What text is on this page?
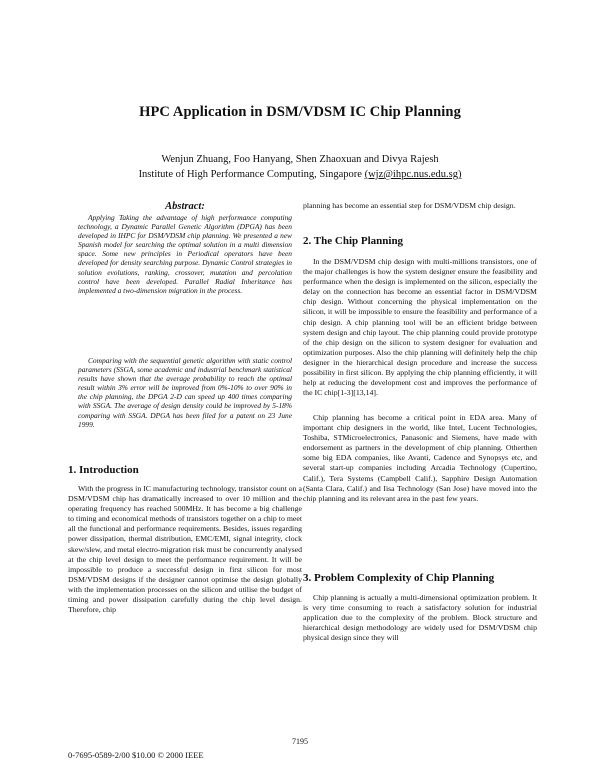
HPC Application in DSM/VDSM IC Chip Planning
Wenjun Zhuang, Foo Hanyang, Shen Zhaoxuan and Divya Rajesh
Institute of High Performance Computing, Singapore (wjz@ihpc.nus.edu.sg)
Abstract:
Applying Taking the advantage of high performance computing technology, a Dynamic Parallel Genetic Algorithm (DPGA) has been developed in IHPC for DSM/VDSM chip planning. We presented a new Spanish model for searching the optimal solution in a multi dimension space. Some new principles in Periodical operators have been developed for density searching purpose. Dynamic Control strategies in solution evolutions, ranking, crossover, mutation and percolation control have been developed. Parallel Radial Inheritance has implemented a two-dimension migration in the process.
Comparing with the sequential genetic algorithm with static control parameters (SSGA, some academic and industrial benchmark statistical results have shown that the average probability to reach the optimal result within 3% error will be improved from 0%-10% to over 90% in the chip planning, the DPGA 2-D can speed up 400 times comparing with SSGA. The average of design density could be improved by 5-18% comparing with SSGA. DPGA has been filed for a patent on 23 June 1999.
1. Introduction
With the progress in IC manufacturing technology, transistor count on a DSM/VDSM chip has dramatically increased to over 10 million and the operating frequency has reached 500MHz. It has become a big challenge to timing and economical methods of transistors together on a chip to meet all the functional and performance requirements. Besides, issues regarding power dissipation, thermal distribution, EMC/EMI, signal integrity, clock skew/slew, and metal electro-migration risk must be concurrently analysed at the chip level design to meet the performance requirement. It will be impossible to produce a successful design in first silicon for most DSM/VDSM designs if the designer cannot optimise the design globally with the implementation processes on the silicon and utilise the budget of timing and power dissipation carefully during the chip level design. Therefore, chip
planning has become an essential step for DSM/VDSM chip design.
2. The Chip Planning
In the DSM/VDSM chip design with multi-millions transistors, one of the major challenges is how the system designer ensure the feasibility and performance when the design is implemented on the silicon, especially the delay on the connection has become an essential factor in DSM/VDSM chip design. Without concerning the physical implementation on the silicon, it will be impossible to ensure the feasibility and performance of a chip design. A chip planning tool will be an efficient bridge between system design and chip layout. The chip planning could provide prototype of the chip design on the silicon to system designer for evaluation and optimization purposes. Also the chip planning will definitely help the chip designer in the hierarchical design procedure and increase the success possibility in first silicon. By applying the chip planning efficiently, it will help at reducing the development cost and improves the performance of the IC chip[1-3][13,14].
Chip planning has become a critical point in EDA area. Many of important chip designers in the world, like Intel, Lucent Technologies, Toshiba, STMicroelectronics, Panasonic and Siemens, have made with endorsement as partners in the development of chip planning. Otherthen some big EDA companies, like Avanti, Cadence and Synopsys etc, and several start-up companies including Arcadia Technology (Cupertino, Calif.), Tera Systems (Campbell Calif.), Sapphire Design Automation (Santa Clara, Calif.) and Iisa Technology (San Jose) have moved into the chip planning and its relevant area in the past few years.
3. Problem Complexity of Chip Planning
Chip planning is actually a multi-dimensional optimization problem. It is very time consuming to reach a satisfactory solution for industrial application due to the complexity of the problem. Block structure and hierarchical design methodology are widely used for DSM/VDSM chip physical design since they will
7195
0-7695-0589-2/00 $10.00 © 2000 IEEE
